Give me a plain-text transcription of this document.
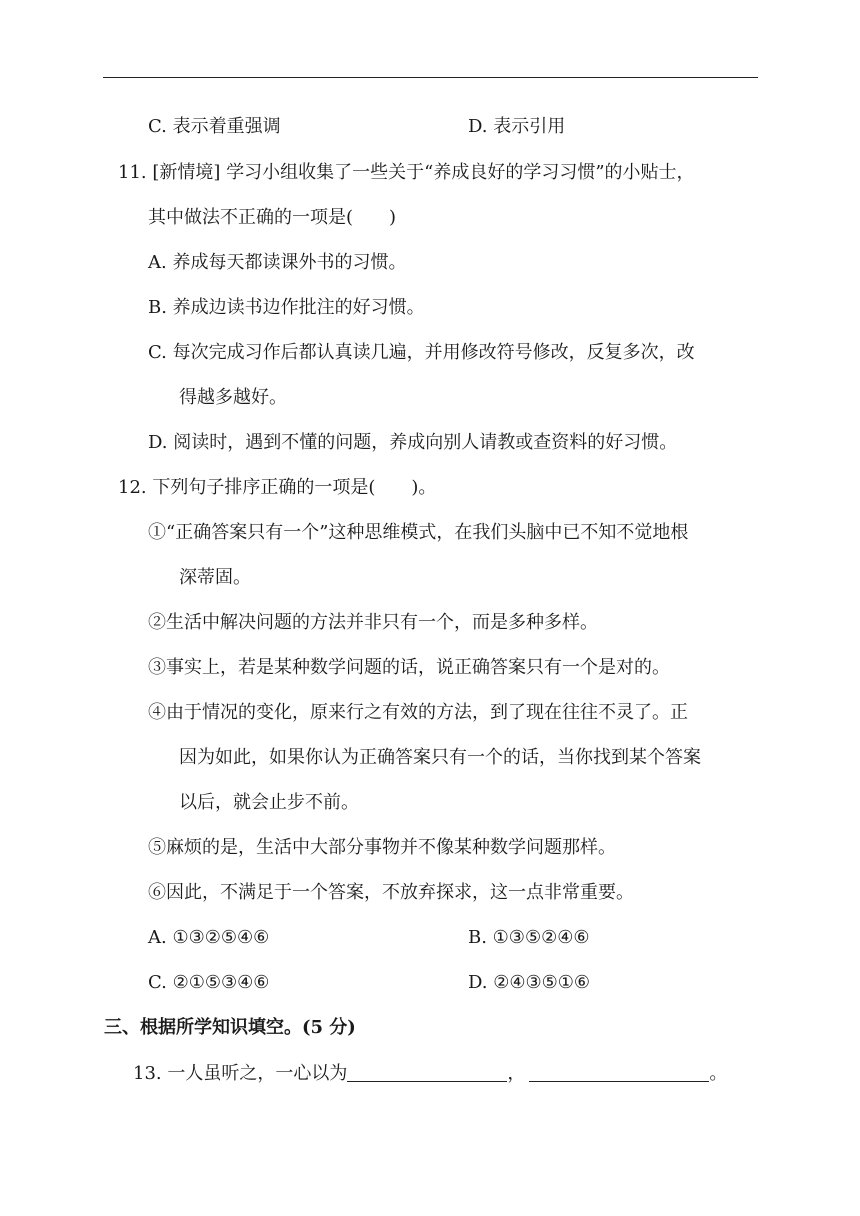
C. 表示着重强调	D. 表示引用
11. [新情境] 学习小组收集了一些关于“养成良好的学习习惯”的小贴士，
其中做法不正确的一项是( )
A. 养成每天都读课外书的习惯。
B. 养成边读书边作批注的好习惯。
C. 每次完成习作后都认真读几遍，并用修改符号修改，反复多次，改
得越多越好。
D. 阅读时，遇到不懂的问题，养成向别人请教或查资料的好习惯。
12. 下列句子排序正确的一项是( )。
①“正确答案只有一个”这种思维模式，在我们头脑中已不知不觉地根
深蒂固。
②生活中解决问题的方法并非只有一个，而是多种多样。
③事实上，若是某种数学问题的话，说正确答案只有一个是对的。
④由于情况的变化，原来行之有效的方法，到了现在往往不灵了。正
因为如此，如果你认为正确答案只有一个的话，当你找到某个答案
以后，就会止步不前。
⑤麻烦的是，生活中大部分事物并不像某种数学问题那样。
⑥因此，不满足于一个答案，不放弃探求，这一点非常重要。
A. ①③②⑤④⑥	B. ①③⑤②④⑥
C. ②①⑤③④⑥	D. ②④③⑤①⑥
三、根据所学知识填空。(5 分)
13. 一人虽听之，一心以为	，	。
